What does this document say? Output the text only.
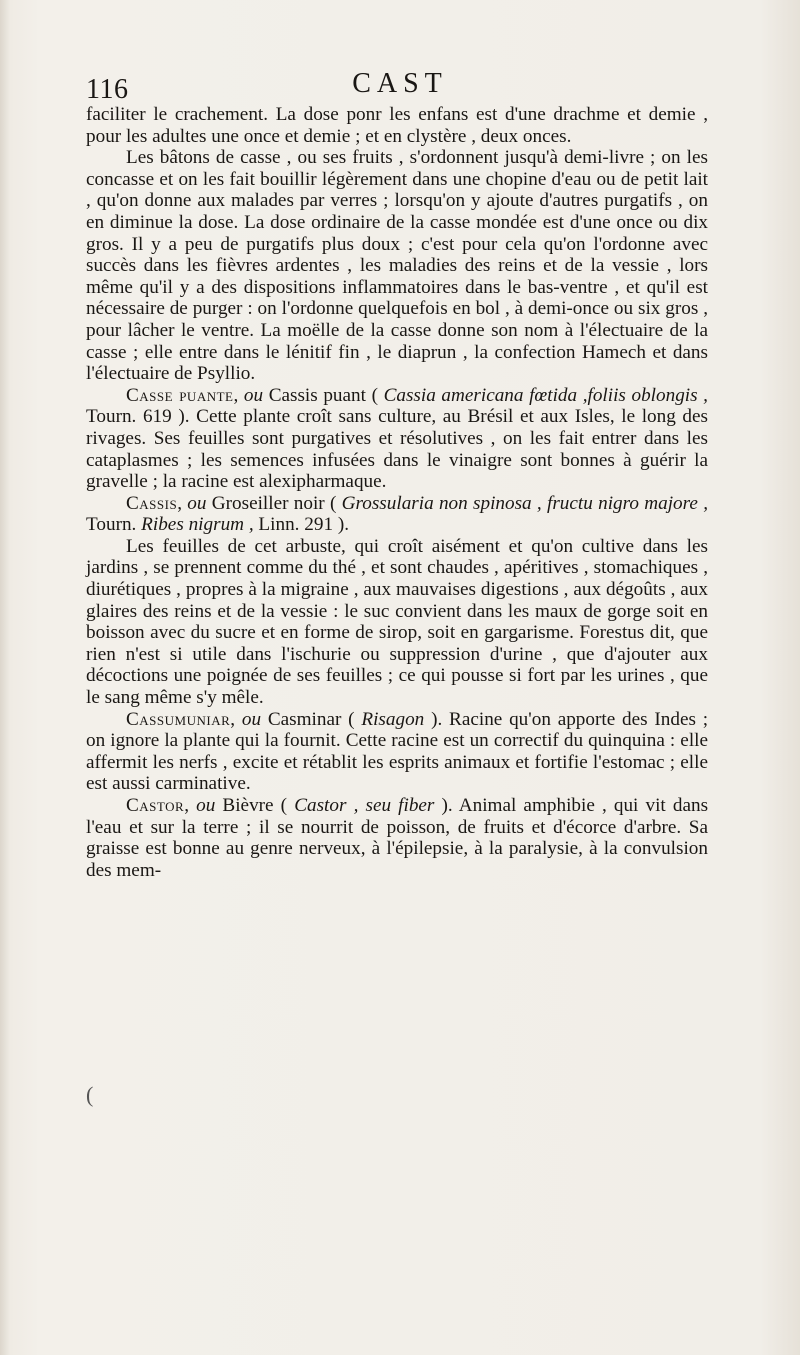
116	CAST
(

faciliter le crachement. La dose ponr les enfans est d'une drachme et demie , pour les adultes une once et demie ; et en clystère , deux onces.

Les bâtons de casse , ou ses fruits , s'ordonnent jusqu'à demi-livre ; on les concasse et on les fait bouillir légèrement dans une chopine d'eau ou de petit lait , qu'on donne aux malades par verres ; lorsqu'on y ajoute d'autres purgatifs , on en diminue la dose. La dose ordinaire de la casse mondée est d'une once ou dix gros. Il y a peu de purgatifs plus doux ; c'est pour cela qu'on l'ordonne avec succès dans les fièvres ardentes , les maladies des reins et de la vessie , lors même qu'il y a des dispositions inflammatoires dans le bas-ventre , et qu'il est nécessaire de purger : on l'ordonne quelquefois en bol , à demi-once ou six gros , pour lâcher le ventre. La moëlle de la casse donne son nom à l'électuaire de la casse ; elle entre dans le lénitif fin , le diaprun , la confection Hamech et dans l'électuaire de Psyllio.

Casse puante, ou Cassis puant ( Cassia americana fœtida ,foliis oblongis , Tourn. 619 ). Cette plante croît sans culture, au Brésil et aux Isles, le long des rivages. Ses feuilles sont purgatives et résolutives , on les fait entrer dans les cataplasmes ; les semences infusées dans le vinaigre sont bonnes à guérir la gravelle ; la racine est alexipharmaque.

Cassis, ou Groseiller noir ( Grossularia non spinosa , fructu nigro majore , Tourn. Ribes nigrum , Linn. 291 ).

Les feuilles de cet arbuste, qui croît aisément et qu'on cultive dans les jardins , se prennent comme du thé , et sont chaudes , apéritives , stomachiques , diurétiques , propres à la migraine , aux mauvaises digestions , aux dégoûts , aux glaires des reins et de la vessie : le suc convient dans les maux de gorge soit en boisson avec du sucre et en forme de sirop, soit en gargarisme. Forestus dit, que rien n'est si utile dans l'ischurie ou suppression d'urine , que d'ajouter aux décoctions une poignée de ses feuilles ; ce qui pousse si fort par les urines , que le sang même s'y mêle.

Cassumuniar, ou Casminar ( Risagon ). Racine qu'on apporte des Indes ; on ignore la plante qui la fournit. Cette racine est un correctif du quinquina : elle affermit les nerfs , excite et rétablit les esprits animaux et fortifie l'estomac ; elle est aussi carminative.

Castor, ou Bièvre ( Castor , seu fiber ). Animal amphibie , qui vit dans l'eau et sur la terre ; il se nourrit de poisson, de fruits et d'écorce d'arbre. Sa graisse est bonne au genre nerveux, à l'épilepsie, à la paralysie, à la convulsion des mem-
